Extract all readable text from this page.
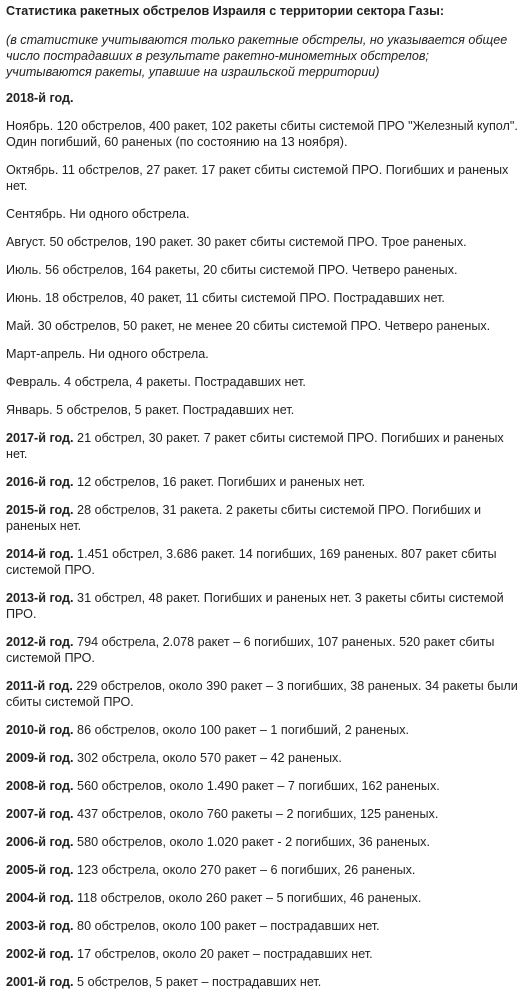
Статистика ракетных обстрелов Израиля с территории сектора Газы:

(в статистике учитываются только ракетные обстрелы, но указывается общее число пострадавших в результате ракетно-минометных обстрелов; учитываются ракеты, упавшие на израильской территории)

2018-й год.

Ноябрь. 120 обстрелов, 400 ракет, 102 ракеты сбиты системой ПРО "Железный купол". Один погибший, 60 раненых (по состоянию на 13 ноября).

Октябрь. 11 обстрелов, 27 ракет. 17 ракет сбиты системой ПРО. Погибших и раненых нет.

Сентябрь. Ни одного обстрела.

Август. 50 обстрелов, 190 ракет. 30 ракет сбиты системой ПРО. Трое раненых.

Июль. 56 обстрелов, 164 ракеты, 20 сбиты системой ПРО. Четверо раненых.

Июнь. 18 обстрелов, 40 ракет, 11 сбиты системой ПРО. Пострадавших нет.

Май. 30 обстрелов, 50 ракет, не менее 20 сбиты системой ПРО. Четверо раненых.

Март-апрель. Ни одного обстрела.

Февраль. 4 обстрела, 4 ракеты. Пострадавших нет.

Январь. 5 обстрелов, 5 ракет. Пострадавших нет.

2017-й год. 21 обстрел, 30 ракет. 7 ракет сбиты системой ПРО. Погибших и раненых нет.

2016-й год. 12 обстрелов, 16 ракет. Погибших и раненых нет.

2015-й год. 28 обстрелов, 31 ракета. 2 ракеты сбиты системой ПРО. Погибших и раненых нет.

2014-й год. 1.451 обстрел, 3.686 ракет. 14 погибших, 169 раненых. 807 ракет сбиты системой ПРО.

2013-й год. 31 обстрел, 48 ракет. Погибших и раненых нет. 3 ракеты сбиты системой ПРО.

2012-й год. 794 обстрела, 2.078 ракет – 6 погибших, 107 раненых. 520 ракет сбиты системой ПРО.

2011-й год. 229 обстрелов, около 390 ракет – 3 погибших, 38 раненых. 34 ракеты были сбиты системой ПРО.

2010-й год. 86 обстрелов, около 100 ракет – 1 погибший, 2 раненых.

2009-й год. 302 обстрела, около 570 ракет – 42 раненых.

2008-й год. 560 обстрелов, около 1.490 ракет – 7 погибших, 162 раненых.

2007-й год. 437 обстрелов, около 760 ракеты – 2 погибших, 125 раненых.

2006-й год. 580 обстрелов, около 1.020 ракет - 2 погибших, 36 раненых.

2005-й год. 123 обстрела, около 270 ракет – 6 погибших, 26 раненых.

2004-й год. 118 обстрелов, около 260 ракет – 5 погибших, 46 раненых.

2003-й год. 80 обстрелов, около 100 ракет – пострадавших нет.

2002-й год. 17 обстрелов, около 20 ракет – пострадавших нет.

2001-й год. 5 обстрелов, 5 ракет – пострадавших нет.
